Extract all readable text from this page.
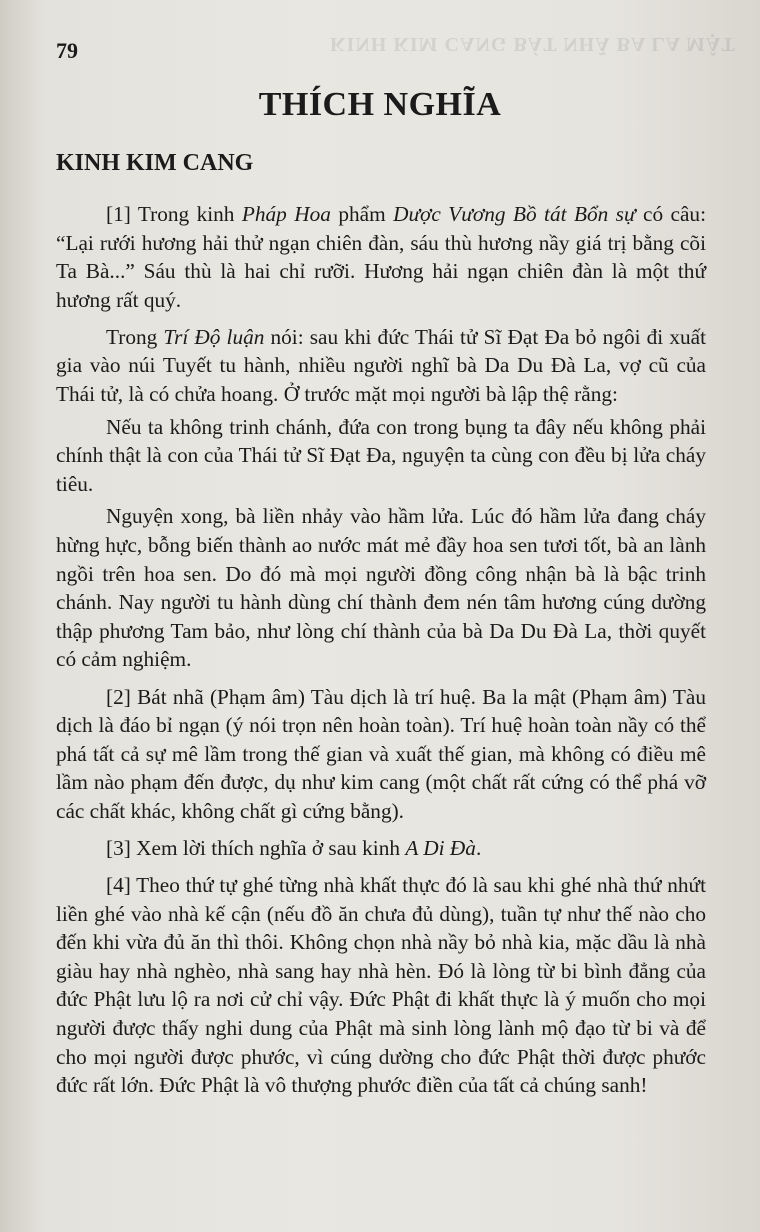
KINH KIM CANG BÁT NHÃ BA LA MẬT
79
THÍCH NGHĨA
KINH KIM CANG

[1] Trong kinh Pháp Hoa phẩm Dược Vương Bồ tát Bổn sự có câu: “Lại rưới hương hải thử ngạn chiên đàn, sáu thù hương nầy giá trị bằng cõi Ta Bà...” Sáu thù là hai chỉ rưỡi. Hương hải ngạn chiên đàn là một thứ hương rất quý.

Trong Trí Độ luận nói: sau khi đức Thái tử Sĩ Đạt Đa bỏ ngôi đi xuất gia vào núi Tuyết tu hành, nhiều người nghĩ bà Da Du Đà La, vợ cũ của Thái tử, là có chửa hoang. Ở trước mặt mọi người bà lập thệ rằng:

Nếu ta không trinh chánh, đứa con trong bụng ta đây nếu không phải chính thật là con của Thái tử Sĩ Đạt Đa, nguyện ta cùng con đều bị lửa cháy tiêu.

Nguyện xong, bà liền nhảy vào hầm lửa. Lúc đó hầm lửa đang cháy hừng hực, bỗng biến thành ao nước mát mẻ đầy hoa sen tươi tốt, bà an lành ngồi trên hoa sen. Do đó mà mọi người đồng công nhận bà là bậc trinh chánh. Nay người tu hành dùng chí thành đem nén tâm hương cúng dường thập phương Tam bảo, như lòng chí thành của bà Da Du Đà La, thời quyết có cảm nghiệm.

[2] Bát nhã (Phạm âm) Tàu dịch là trí huệ. Ba la mật (Phạm âm) Tàu dịch là đáo bỉ ngạn (ý nói trọn nên hoàn toàn). Trí huệ hoàn toàn nầy có thể phá tất cả sự mê lầm trong thế gian và xuất thế gian, mà không có điều mê lầm nào phạm đến được, dụ như kim cang (một chất rất cứng có thể phá vỡ các chất khác, không chất gì cứng bằng).

[3] Xem lời thích nghĩa ở sau kinh A Di Đà.

[4] Theo thứ tự ghé từng nhà khất thực đó là sau khi ghé nhà thứ nhứt liền ghé vào nhà kế cận (nếu đồ ăn chưa đủ dùng), tuần tự như thế nào cho đến khi vừa đủ ăn thì thôi. Không chọn nhà nầy bỏ nhà kia, mặc dầu là nhà giàu hay nhà nghèo, nhà sang hay nhà hèn. Đó là lòng từ bi bình đẳng của đức Phật lưu lộ ra nơi cử chỉ vậy. Đức Phật đi khất thực là ý muốn cho mọi người được thấy nghi dung của Phật mà sinh lòng lành mộ đạo từ bi và để cho mọi người được phước, vì cúng dường cho đức Phật thời được phước đức rất lớn. Đức Phật là vô thượng phước điền của tất cả chúng sanh!
